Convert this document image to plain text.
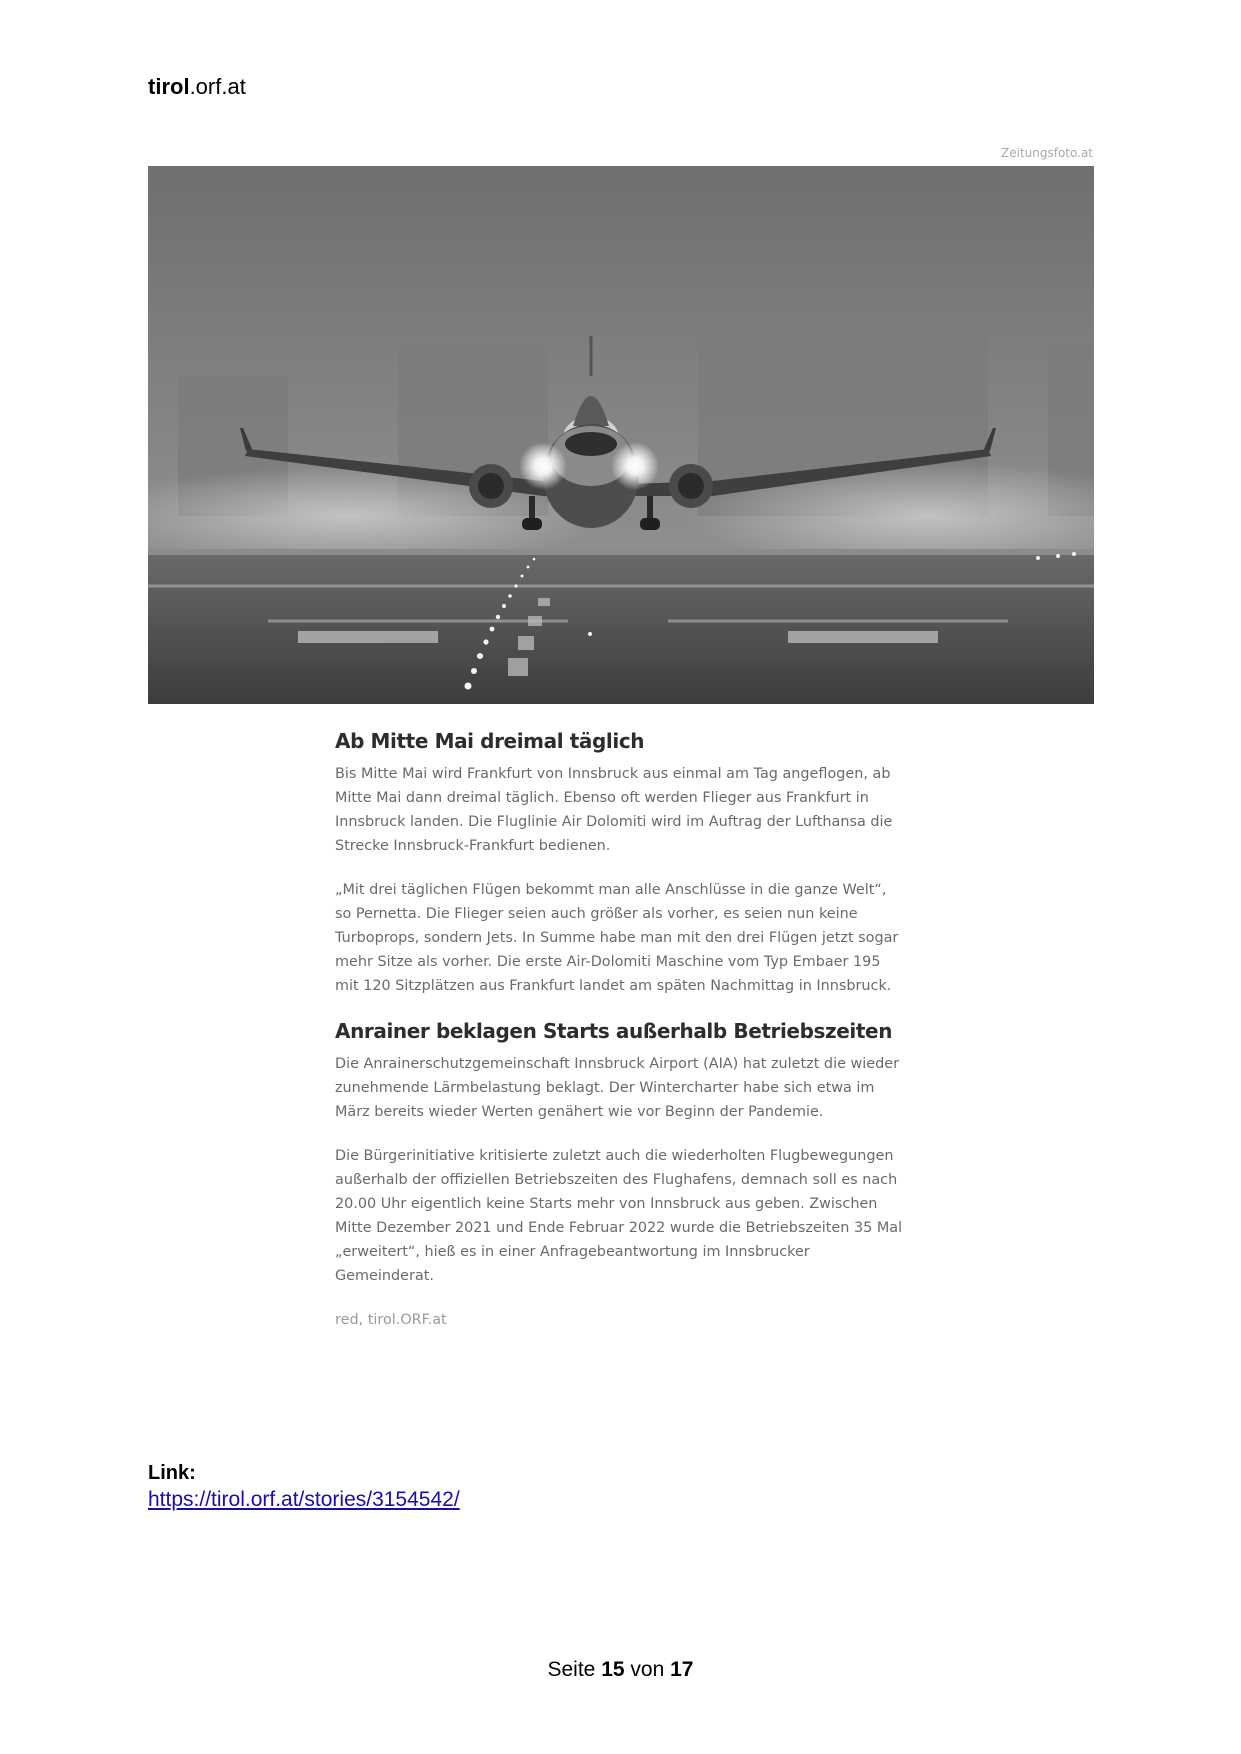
tirol.orf.at
Zeitungsfoto.at
Ab Mitte Mai dreimal täglich

Bis Mitte Mai wird Frankfurt von Innsbruck aus einmal am Tag angeflogen, ab Mitte Mai dann dreimal täglich. Ebenso oft werden Flieger aus Frankfurt in Innsbruck landen. Die Fluglinie Air Dolomiti wird im Auftrag der Lufthansa die Strecke Innsbruck-Frankfurt bedienen.

„Mit drei täglichen Flügen bekommt man alle Anschlüsse in die ganze Welt“, so Pernetta. Die Flieger seien auch größer als vorher, es seien nun keine Turboprops, sondern Jets. In Summe habe man mit den drei Flügen jetzt sogar mehr Sitze als vorher. Die erste Air-Dolomiti Maschine vom Typ Embaer 195 mit 120 Sitzplätzen aus Frankfurt landet am späten Nachmittag in Innsbruck.

Anrainer beklagen Starts außerhalb Betriebszeiten

Die Anrainerschutzgemeinschaft Innsbruck Airport (AIA) hat zuletzt die wieder zunehmende Lärmbelastung beklagt. Der Wintercharter habe sich etwa im März bereits wieder Werten genähert wie vor Beginn der Pandemie.

Die Bürgerinitiative kritisierte zuletzt auch die wiederholten Flugbewegungen außerhalb der offiziellen Betriebszeiten des Flughafens, demnach soll es nach 20.00 Uhr eigentlich keine Starts mehr von Innsbruck aus geben. Zwischen Mitte Dezember 2021 und Ende Februar 2022 wurde die Betriebszeiten 35 Mal „erweitert“, hieß es in einer Anfragebeantwortung im Innsbrucker Gemeinderat.

red, tirol.ORF.at

Link:
https://tirol.orf.at/stories/3154542/
Seite 15 von 17
